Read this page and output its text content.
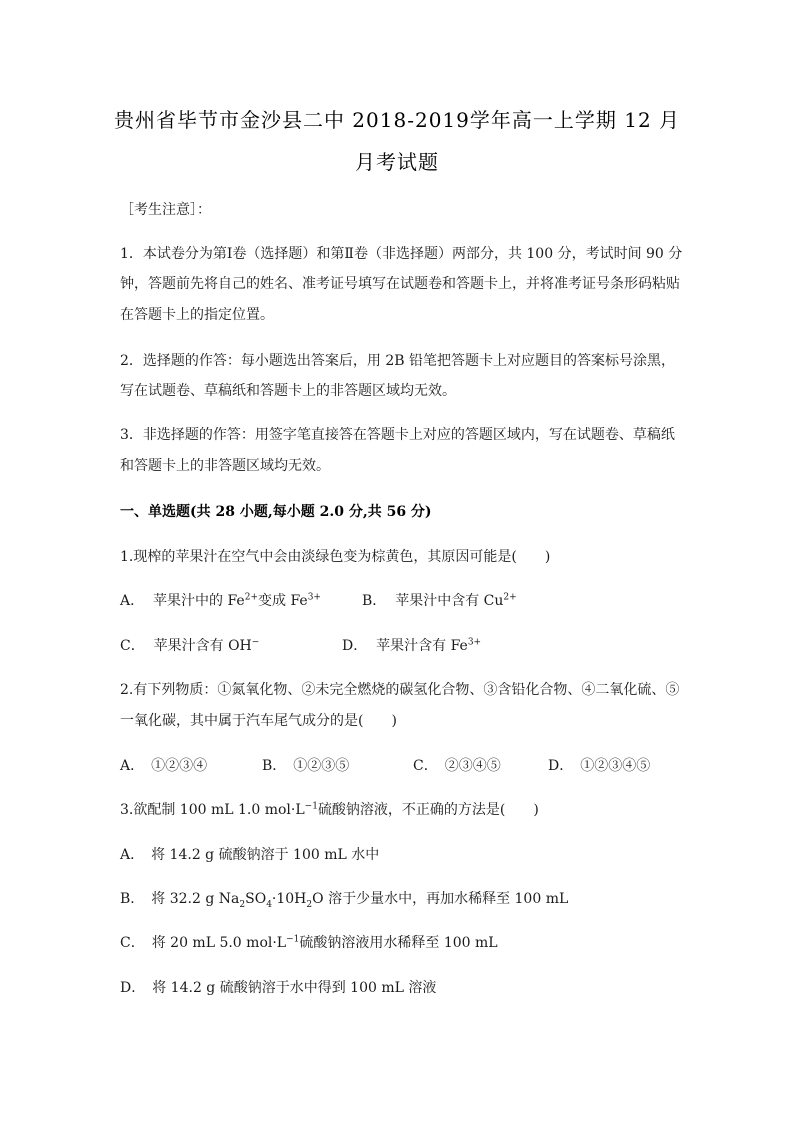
贵州省毕节市金沙县二中 2018-2019学年高一上学期 12 月
月考试题
［考生注意］：
1．本试卷分为第Ⅰ卷（选择题）和第Ⅱ卷（非选择题）两部分，共 100 分，考试时间 90 分
钟，答题前先将自己的姓名、准考证号填写在试题卷和答题卡上，并将准考证号条形码粘贴
在答题卡上的指定位置。
2．选择题的作答：每小题选出答案后，用 2B 铅笔把答题卡上对应题目的答案标号涂黑，
写在试题卷、草稿纸和答题卡上的非答题区域均无效。
3．非选择题的作答：用签字笔直接答在答题卡上对应的答题区域内，写在试题卷、草稿纸
和答题卡上的非答题区域均无效。
一、单选题(共 28 小题,每小题 2.0 分,共 56 分)
1.现榨的苹果汁在空气中会由淡绿色变为棕黄色，其原因可能是(　　)
A． 苹果汁中的 $Fe^{2+}$变成 $Fe^{3+}$	B． 苹果汁中含有 $Cu^{2+}$
C． 苹果汁含有 OH−	D． 苹果汁含有 $Fe^{3+}$
2.有下列物质：①氮氧化物、②未完全燃烧的碳氢化合物、③含铅化合物、④二氧化硫、⑤
一氧化碳，其中属于汽车尾气成分的是(　　)
A．　①②③④	B．　①②③⑤	C．　②③④⑤	D．　①②③④⑤
3.欲配制 100 mL 1.0 $mol\cdot L^{-1}$硫酸钠溶液，不正确的方法是(　　)
A．　将 14.2 g 硫酸钠溶于 100 mL 水中
B．　将 32.2 g $Na_2SO_4\cdot 10H_2O$ 溶于少量水中，再加水稀释至 100 mL
C．　将 20 mL 5.0 $mol\cdot L^{-1}$硫酸钠溶液用水稀释至 100 mL
D．　将 14.2 g 硫酸钠溶于水中得到 100 mL 溶液
